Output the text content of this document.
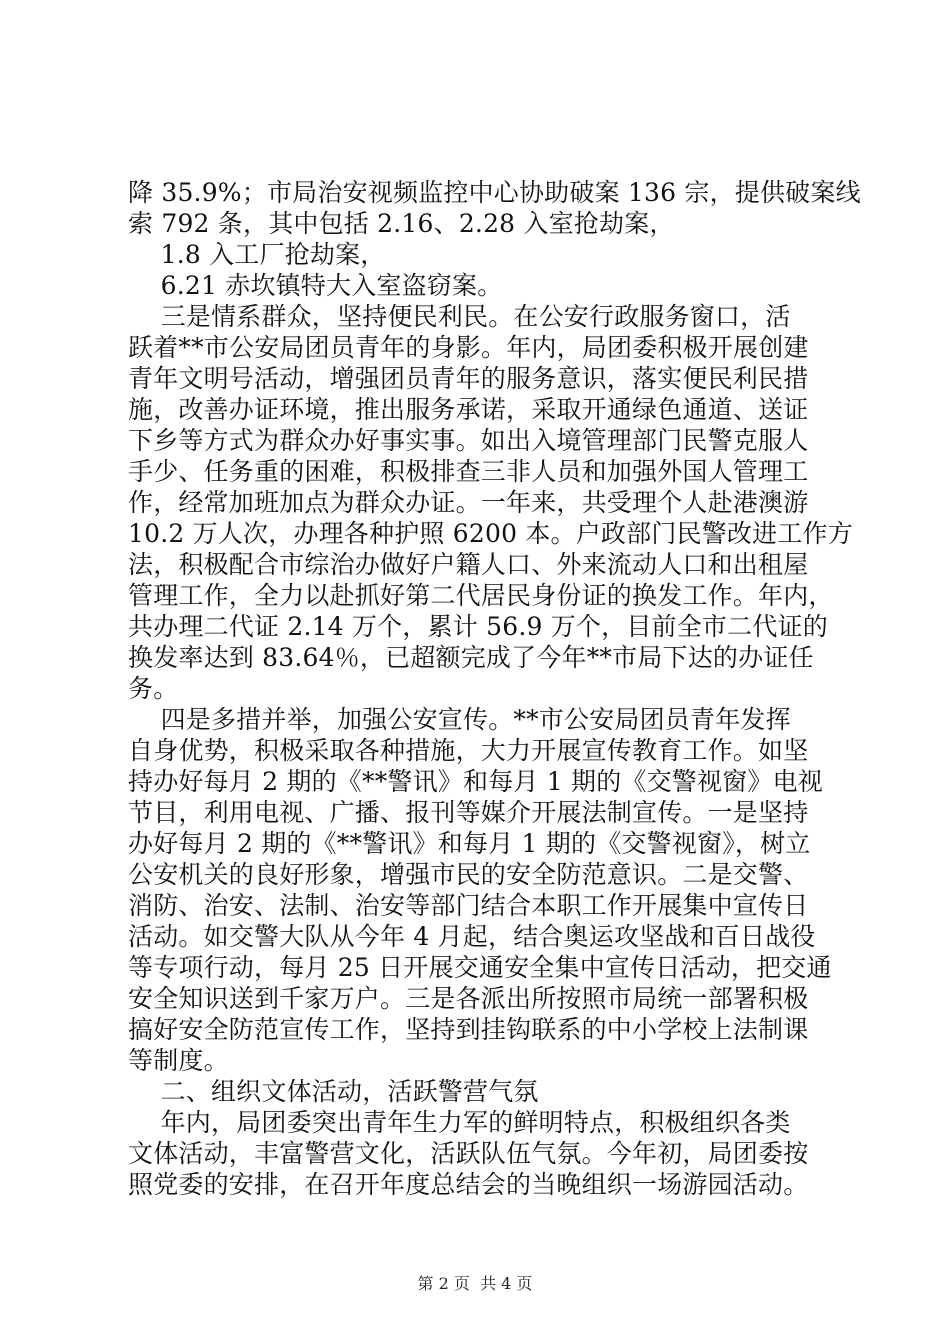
降 35.9%；市局治安视频监控中心协助破案 136 宗，提供破案线
索 792 条，其中包括 2.16、2.28 入室抢劫案，
1.8 入工厂抢劫案，
6.21 赤坎镇特大入室盗窃案。
三是情系群众，坚持便民利民。在公安行政服务窗口，活
跃着**市公安局团员青年的身影。年内，局团委积极开展创建
青年文明号活动，增强团员青年的服务意识，落实便民利民措
施，改善办证环境，推出服务承诺，采取开通绿色通道、送证
下乡等方式为群众办好事实事。如出入境管理部门民警克服人
手少、任务重的困难，积极排查三非人员和加强外国人管理工
作，经常加班加点为群众办证。一年来，共受理个人赴港澳游
10.2 万人次，办理各种护照 6200 本。户政部门民警改进工作方
法，积极配合市综治办做好户籍人口、外来流动人口和出租屋
管理工作，全力以赴抓好第二代居民身份证的换发工作。年内，
共办理二代证 2.14 万个，累计 56.9 万个，目前全市二代证的
换发率达到 83.64％，已超额完成了今年**市局下达的办证任
务。
四是多措并举，加强公安宣传。**市公安局团员青年发挥
自身优势，积极采取各种措施，大力开展宣传教育工作。如坚
持办好每月 2 期的《**警讯》和每月 1 期的《交警视窗》电视
节目，利用电视、广播、报刊等媒介开展法制宣传。一是坚持
办好每月 2 期的《**警讯》和每月 1 期的《交警视窗》，树立
公安机关的良好形象，增强市民的安全防范意识。二是交警、
消防、治安、法制、治安等部门结合本职工作开展集中宣传日
活动。如交警大队从今年 4 月起，结合奥运攻坚战和百日战役
等专项行动，每月 25 日开展交通安全集中宣传日活动，把交通
安全知识送到千家万户。三是各派出所按照市局统一部署积极
搞好安全防范宣传工作，坚持到挂钩联系的中小学校上法制课
等制度。
二、组织文体活动，活跃警营气氛
年内，局团委突出青年生力军的鲜明特点，积极组织各类
文体活动，丰富警营文化，活跃队伍气氛。今年初，局团委按
照党委的安排，在召开年度总结会的当晚组织一场游园活动。
第 2 页  共 4 页
